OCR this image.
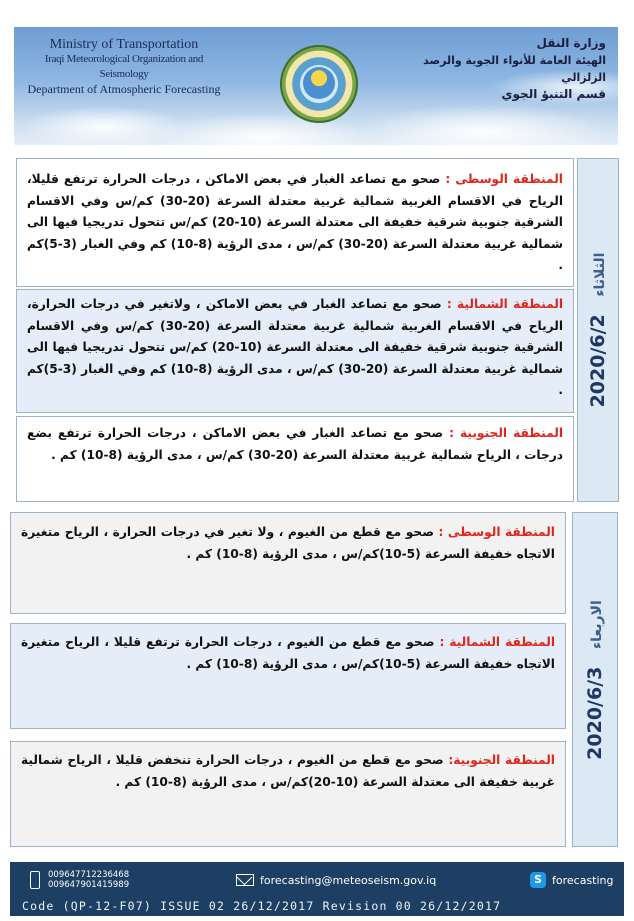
Ministry of Transportation
Iraqi Meteorological Organization and Seismology
Department of Atmospheric Forecasting
وزارة النقل
الهيئة العامة للأنواء الجوية والرصد الزلزالي
قسم التنبؤ الجوي
المنطقة الوسطى : صحو مع تصاعد الغبار في بعض الاماكن ، درجات الحرارة ترتفع قليلا، الرياح في الاقسام الغربية شمالية غربية معتدلة السرعة (20-30) كم/س وفي الاقسام الشرقية جنوبية شرقية خفيفة الى معتدلة السرعة (10-20) كم/س تتحول تدريجيا فيها الى شمالية غربية معتدلة السرعة (20-30) كم/س ، مدى الرؤية (8-10) كم وفي الغبار (3-5)كم .
المنطقة الشمالية : صحو مع تصاعد الغبار في بعض الاماكن ، ولاتغير في درجات الحرارة، الرياح في الاقسام الغربية شمالية غربية معتدلة السرعة (20-30) كم/س وفي الاقسام الشرقية جنوبية شرقية خفيفة الى معتدلة السرعة (10-20) كم/س تتحول تدريجيا فيها الى شمالية غربية معتدلة السرعة (20-30) كم/س ، مدى الرؤية (8-10) كم وفي الغبار (3-5)كم .
المنطقة الجنوبية : صحو مع تصاعد الغبار في بعض الاماكن ، درجات الحرارة ترتفع بضع درجات ، الرياح شمالية غربية معتدلة السرعة (20-30) كم/س ، مدى الرؤية (8-10) كم .
2020/6/2 الثلاثاء
المنطقة الوسطى : صحو مع قطع من الغيوم ، ولا تغير في درجات الحرارة ، الرياح متغيرة الاتجاه خفيفة السرعة (5-10)كم/س ، مدى الرؤية (8-10) كم .
المنطقة الشمالية : صحو مع قطع من الغيوم ، درجات الحرارة ترتفع قليلا ، الرياح متغيرة الاتجاه خفيفة السرعة (5-10)كم/س ، مدى الرؤية (8-10) كم .
المنطقة الجنوبية: صحو مع قطع من الغيوم ، درجات الحرارة تنخفض قليلا ، الرياح شمالية غربية خفيفة الى معتدلة السرعة (10-20)كم/س ، مدى الرؤية (8-10) كم .
2020/6/3 الاربعاء
009647712236468
009647901415989	forecasting@meteoseism.gov.iq	S forecasting
Code (QP-12-F07) ISSUE 02 26/12/2017 Revision 00 26/12/2017
